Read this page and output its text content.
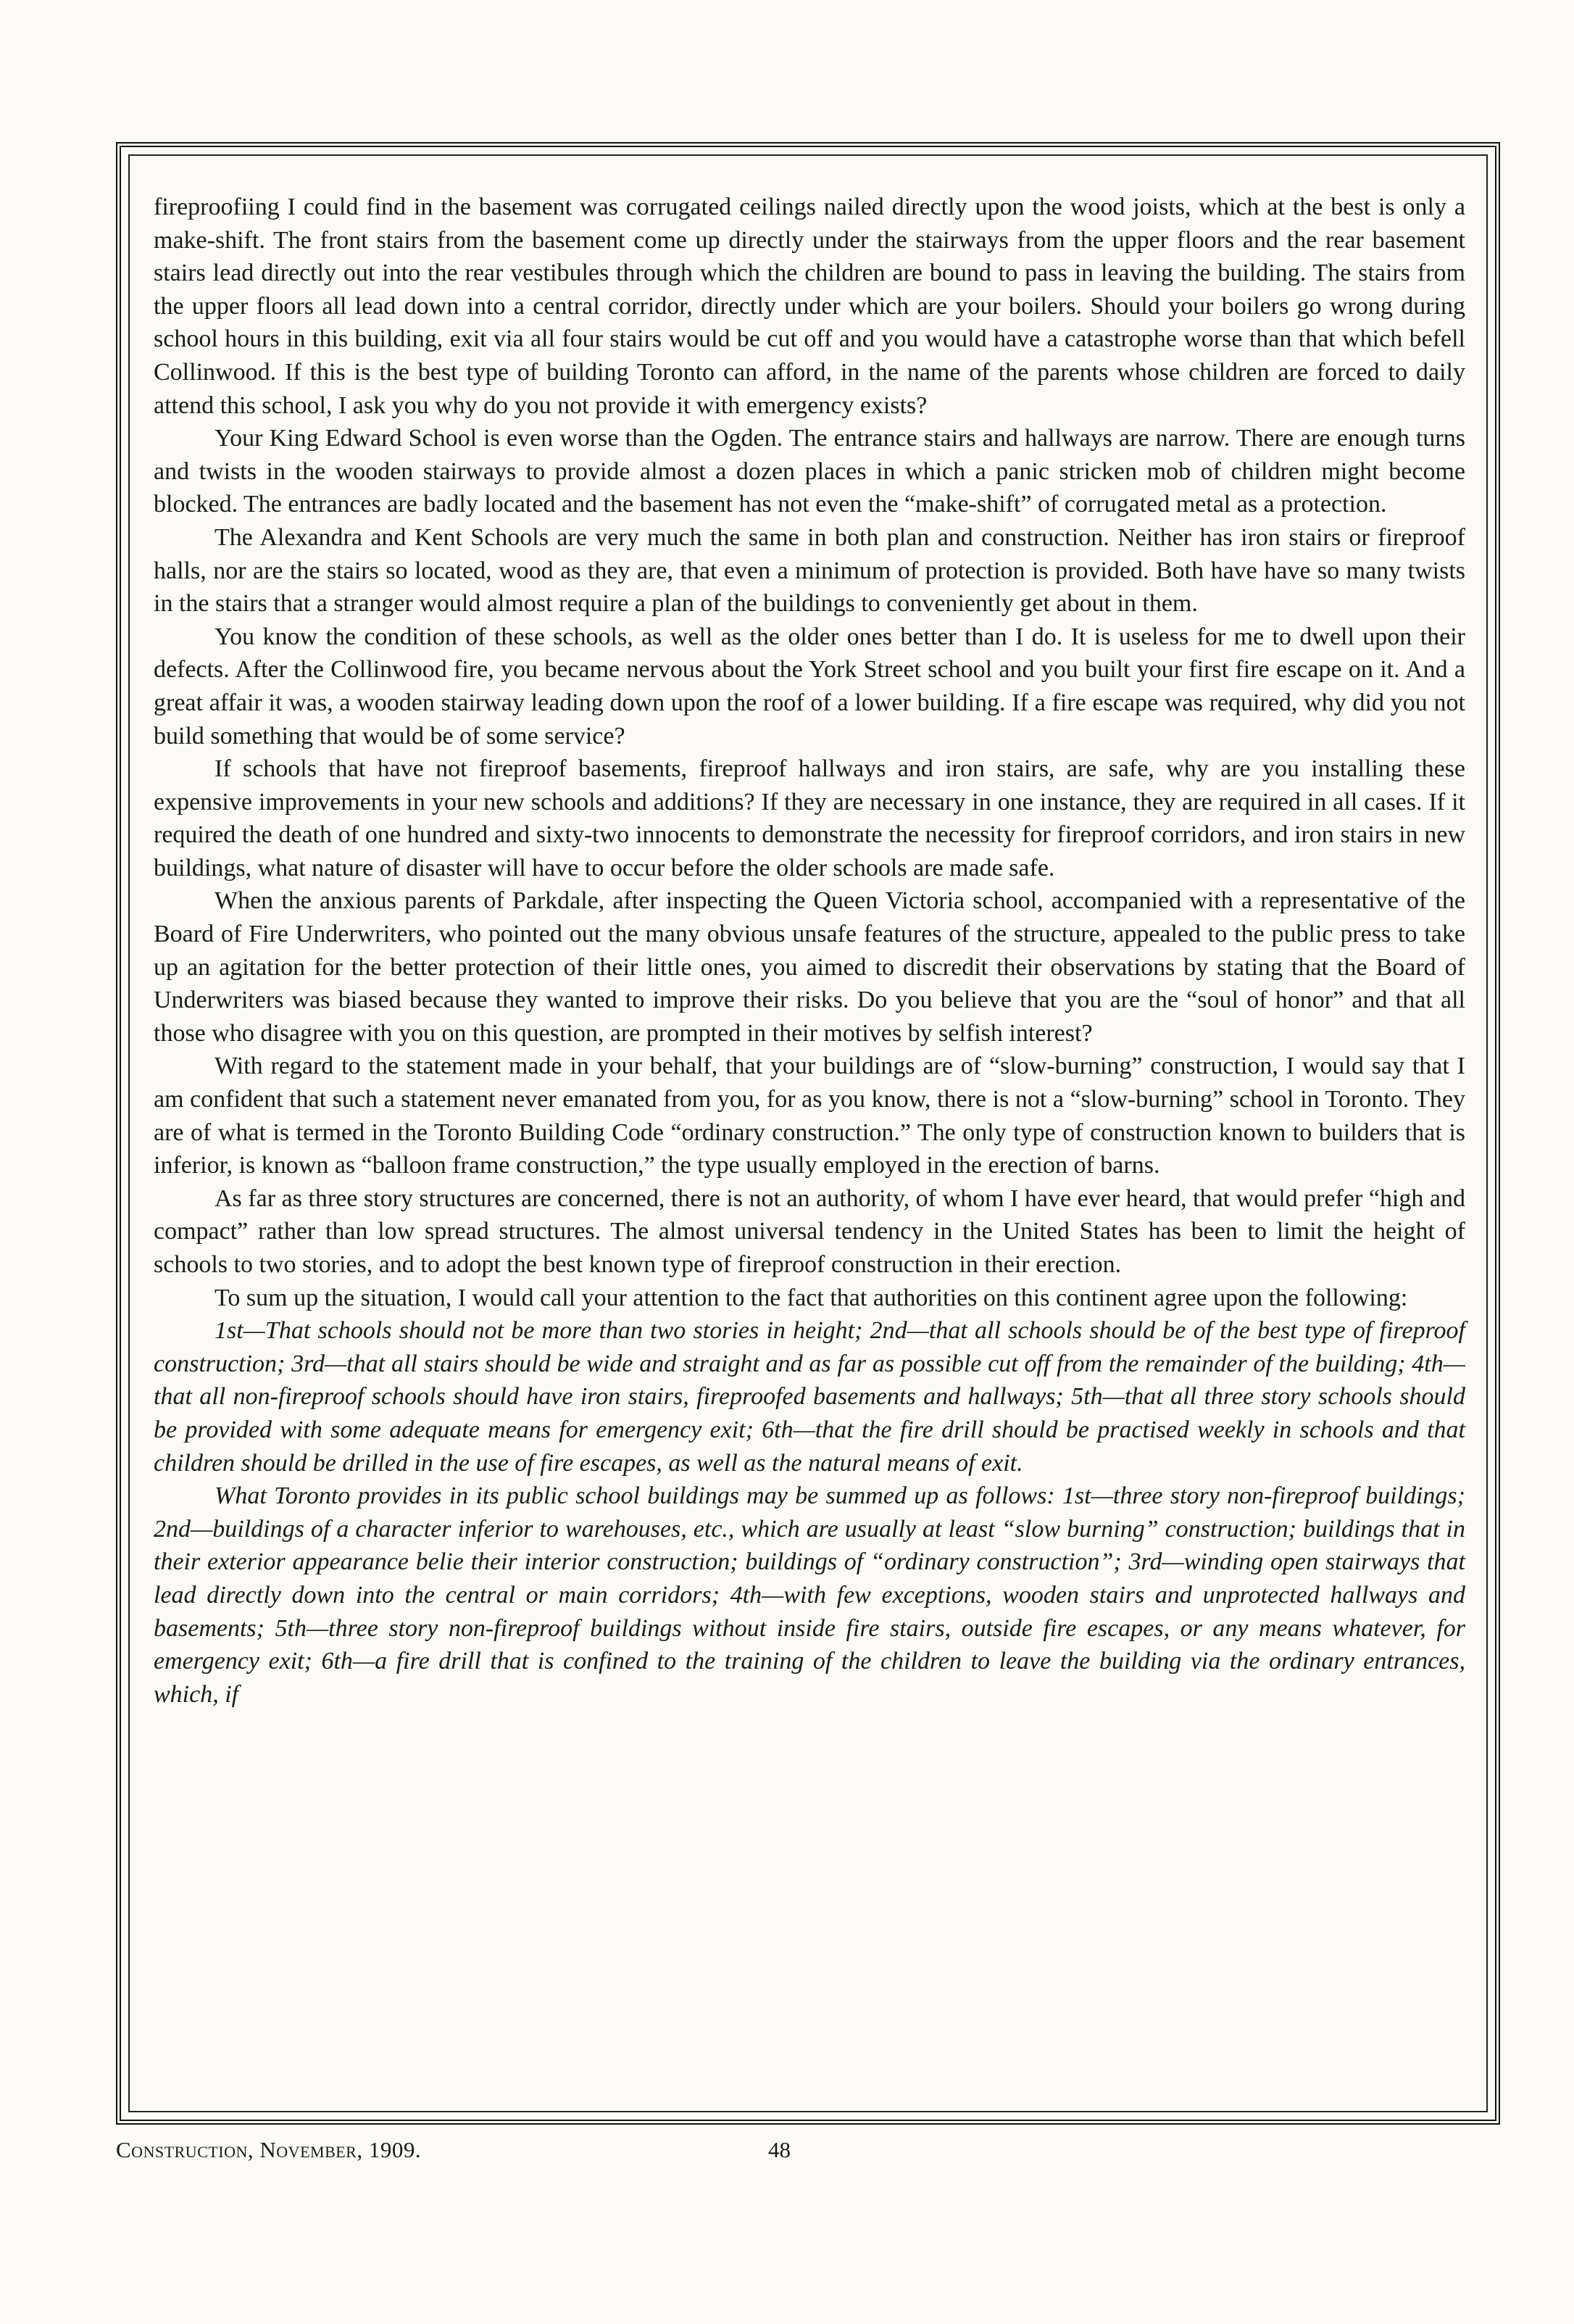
fireproofiing I could find in the basement was corrugated ceilings nailed directly upon the wood joists, which at the best is only a make-shift. The front stairs from the basement come up directly under the stairways from the upper floors and the rear basement stairs lead directly out into the rear vestibules through which the children are bound to pass in leaving the building. The stairs from the upper floors all lead down into a central corridor, directly under which are your boilers. Should your boilers go wrong during school hours in this building, exit via all four stairs would be cut off and you would have a catastrophe worse than that which befell Collinwood. If this is the best type of building Toronto can afford, in the name of the parents whose children are forced to daily attend this school, I ask you why do you not provide it with emergency exists?

Your King Edward School is even worse than the Ogden. The entrance stairs and hallways are narrow. There are enough turns and twists in the wooden stairways to provide almost a dozen places in which a panic stricken mob of children might become blocked. The entrances are badly located and the basement has not even the “make-shift” of corrugated metal as a protection.

The Alexandra and Kent Schools are very much the same in both plan and construction. Neither has iron stairs or fireproof halls, nor are the stairs so located, wood as they are, that even a minimum of protection is provided. Both have have so many twists in the stairs that a stranger would almost require a plan of the buildings to conveniently get about in them.

You know the condition of these schools, as well as the older ones better than I do. It is useless for me to dwell upon their defects. After the Collinwood fire, you became nervous about the York Street school and you built your first fire escape on it. And a great affair it was, a wooden stairway leading down upon the roof of a lower building. If a fire escape was required, why did you not build something that would be of some service?

If schools that have not fireproof basements, fireproof hallways and iron stairs, are safe, why are you installing these expensive improvements in your new schools and additions? If they are necessary in one instance, they are required in all cases. If it required the death of one hundred and sixty-two innocents to demonstrate the necessity for fireproof corridors, and iron stairs in new buildings, what nature of disaster will have to occur before the older schools are made safe.

When the anxious parents of Parkdale, after inspecting the Queen Victoria school, accompanied with a representative of the Board of Fire Underwriters, who pointed out the many obvious unsafe features of the structure, appealed to the public press to take up an agitation for the better protection of their little ones, you aimed to discredit their observations by stating that the Board of Underwriters was biased because they wanted to improve their risks. Do you believe that you are the “soul of honor” and that all those who disagree with you on this question, are prompted in their motives by selfish interest?

With regard to the statement made in your behalf, that your buildings are of “slow-burning” construction, I would say that I am confident that such a statement never emanated from you, for as you know, there is not a “slow-burning” school in Toronto. They are of what is termed in the Toronto Building Code “ordinary construction.” The only type of construction known to builders that is inferior, is known as “balloon frame construction,” the type usually employed in the erection of barns.

As far as three story structures are concerned, there is not an authority, of whom I have ever heard, that would prefer “high and compact” rather than low spread structures. The almost universal tendency in the United States has been to limit the height of schools to two stories, and to adopt the best known type of fireproof construction in their erection.

To sum up the situation, I would call your attention to the fact that authorities on this continent agree upon the following:

1st—That schools should not be more than two stories in height; 2nd—that all schools should be of the best type of fireproof construction; 3rd—that all stairs should be wide and straight and as far as possible cut off from the remainder of the building; 4th—that all non-fireproof schools should have iron stairs, fireproofed basements and hallways; 5th—that all three story schools should be provided with some adequate means for emergency exit; 6th—that the fire drill should be practised weekly in schools and that children should be drilled in the use of fire escapes, as well as the natural means of exit.

What Toronto provides in its public school buildings may be summed up as follows: 1st—three story non-fireproof buildings; 2nd—buildings of a character inferior to warehouses, etc., which are usually at least “slow burning” construction; buildings that in their exterior appearance belie their interior construction; buildings of “ordinary construction”; 3rd—winding open stairways that lead directly down into the central or main corridors; 4th—with few exceptions, wooden stairs and unprotected hallways and basements; 5th—three story non-fireproof buildings without inside fire stairs, outside fire escapes, or any means whatever, for emergency exit; 6th—a fire drill that is confined to the training of the children to leave the building via the ordinary entrances, which, if

Construction, November, 1909.	48
